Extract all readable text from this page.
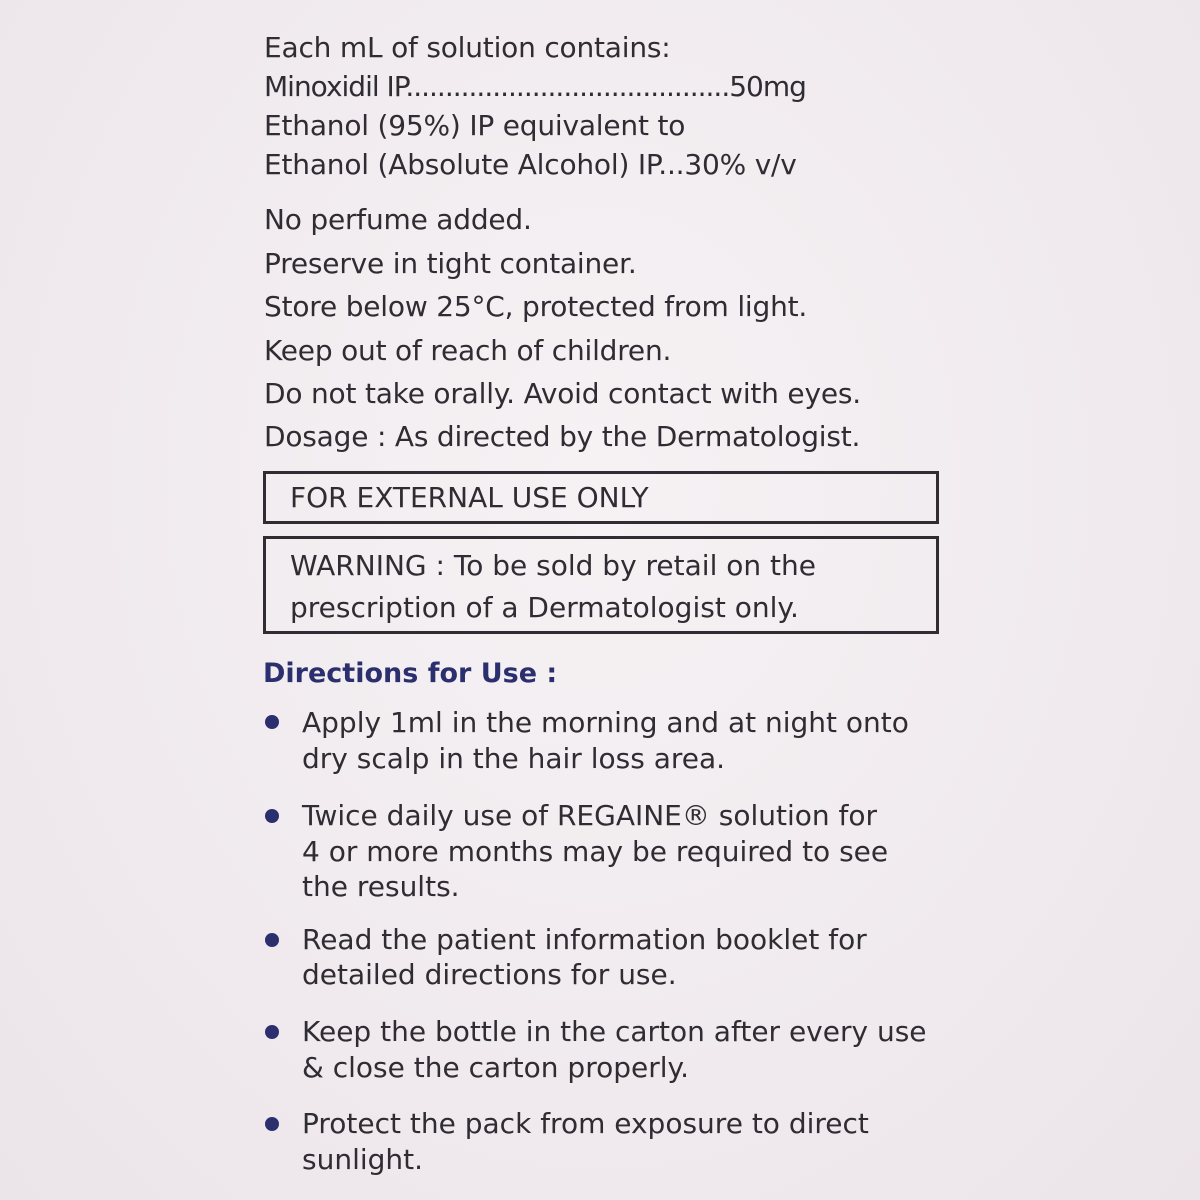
Each mL of solution contains:
Minoxidil IP.........................................50mg
Ethanol (95%) IP equivalent to
Ethanol (Absolute Alcohol) IP...30% v/v
No perfume added.
Preserve in tight container.
Store below 25°C, protected from light.
Keep out of reach of children.
Do not take orally. Avoid contact with eyes.
Dosage : As directed by the Dermatologist.
FOR EXTERNAL USE ONLY
WARNING : To be sold by retail on the
prescription of a Dermatologist only.
Directions for Use :
Apply 1ml in the morning and at night onto
dry scalp in the hair loss area.
Twice daily use of REGAINE® solution for
4 or more months may be required to see
the results.
Read the patient information booklet for
detailed directions for use.
Keep the bottle in the carton after every use
& close the carton properly.
Protect the pack from exposure to direct
sunlight.
